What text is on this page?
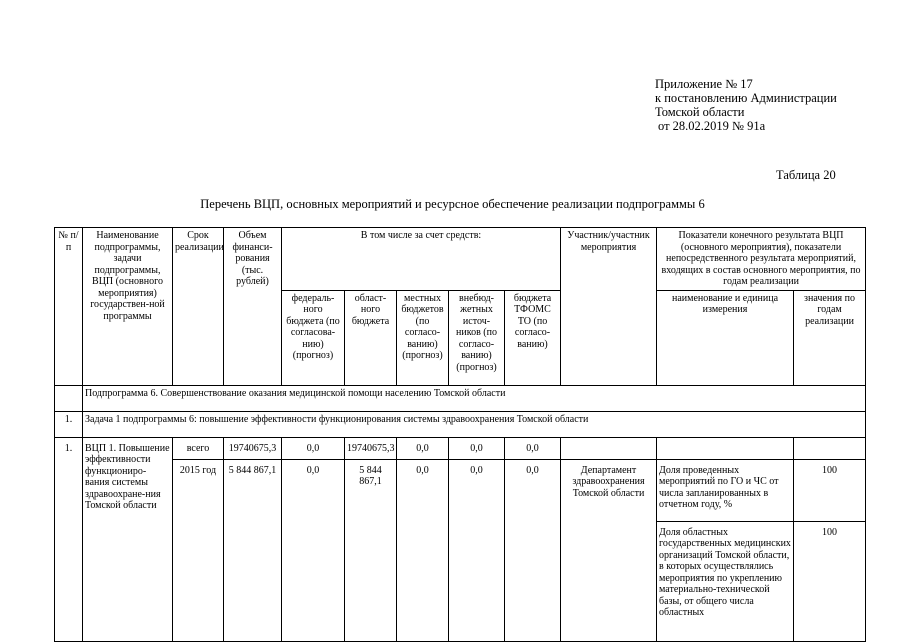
Приложение № 17
к постановлению Администрации
Томской области
от 28.02.2019 № 91а
Таблица 20
Перечень ВЦП, основных мероприятий и ресурсное обеспечение реализации подпрограммы 6
№ п/п	Наименование подпрограммы, задачи подпрограммы, ВЦП (основного мероприятия) государствен-ной программы	Срок реализации	Объем финанси-рования (тыс. рублей)	В том числе за счет средств:					Участник/участник мероприятия	Показатели конечного результата ВЦП (основного мероприятия), показатели непосредственного результата мероприятий, входящих в состав основного мероприятия, по годам реализации	
				федераль-ного бюджета (по согласова-нию) (прогноз)	област-ного бюджета	местных бюджетов (по согласо-ванию) (прогноз)	внебюд-жетных источ-ников (по согласо-ванию) (прогноз)	бюджета ТФОМС ТО (по согласо-ванию)		наименование и единица измерения	значения по годам реализации
	Подпрограмма 6. Совершенствование оказания медицинской помощи населению Томской области										
1.	Задача 1 подпрограммы 6: повышение эффективности функционирования системы здравоохранения Томской области										
1.	ВЦП 1. Повышение эффективности функциониро-вания системы здравоохране-ния Томской области	всего	19740675,3	0,0	19740675,3	0,0	0,0	0,0			
		2015 год	5 844 867,1	0,0	5 844 867,1	0,0	0,0	0,0	Департамент здравоохранения Томской области	Доля проведенных мероприятий по ГО и ЧС от числа запланированных в отчетном году, %	100
										Доля областных государственных медицинских организаций Томской области, в которых осуществлялись мероприятия по укреплению материально-технической базы, от общего числа областных	100
